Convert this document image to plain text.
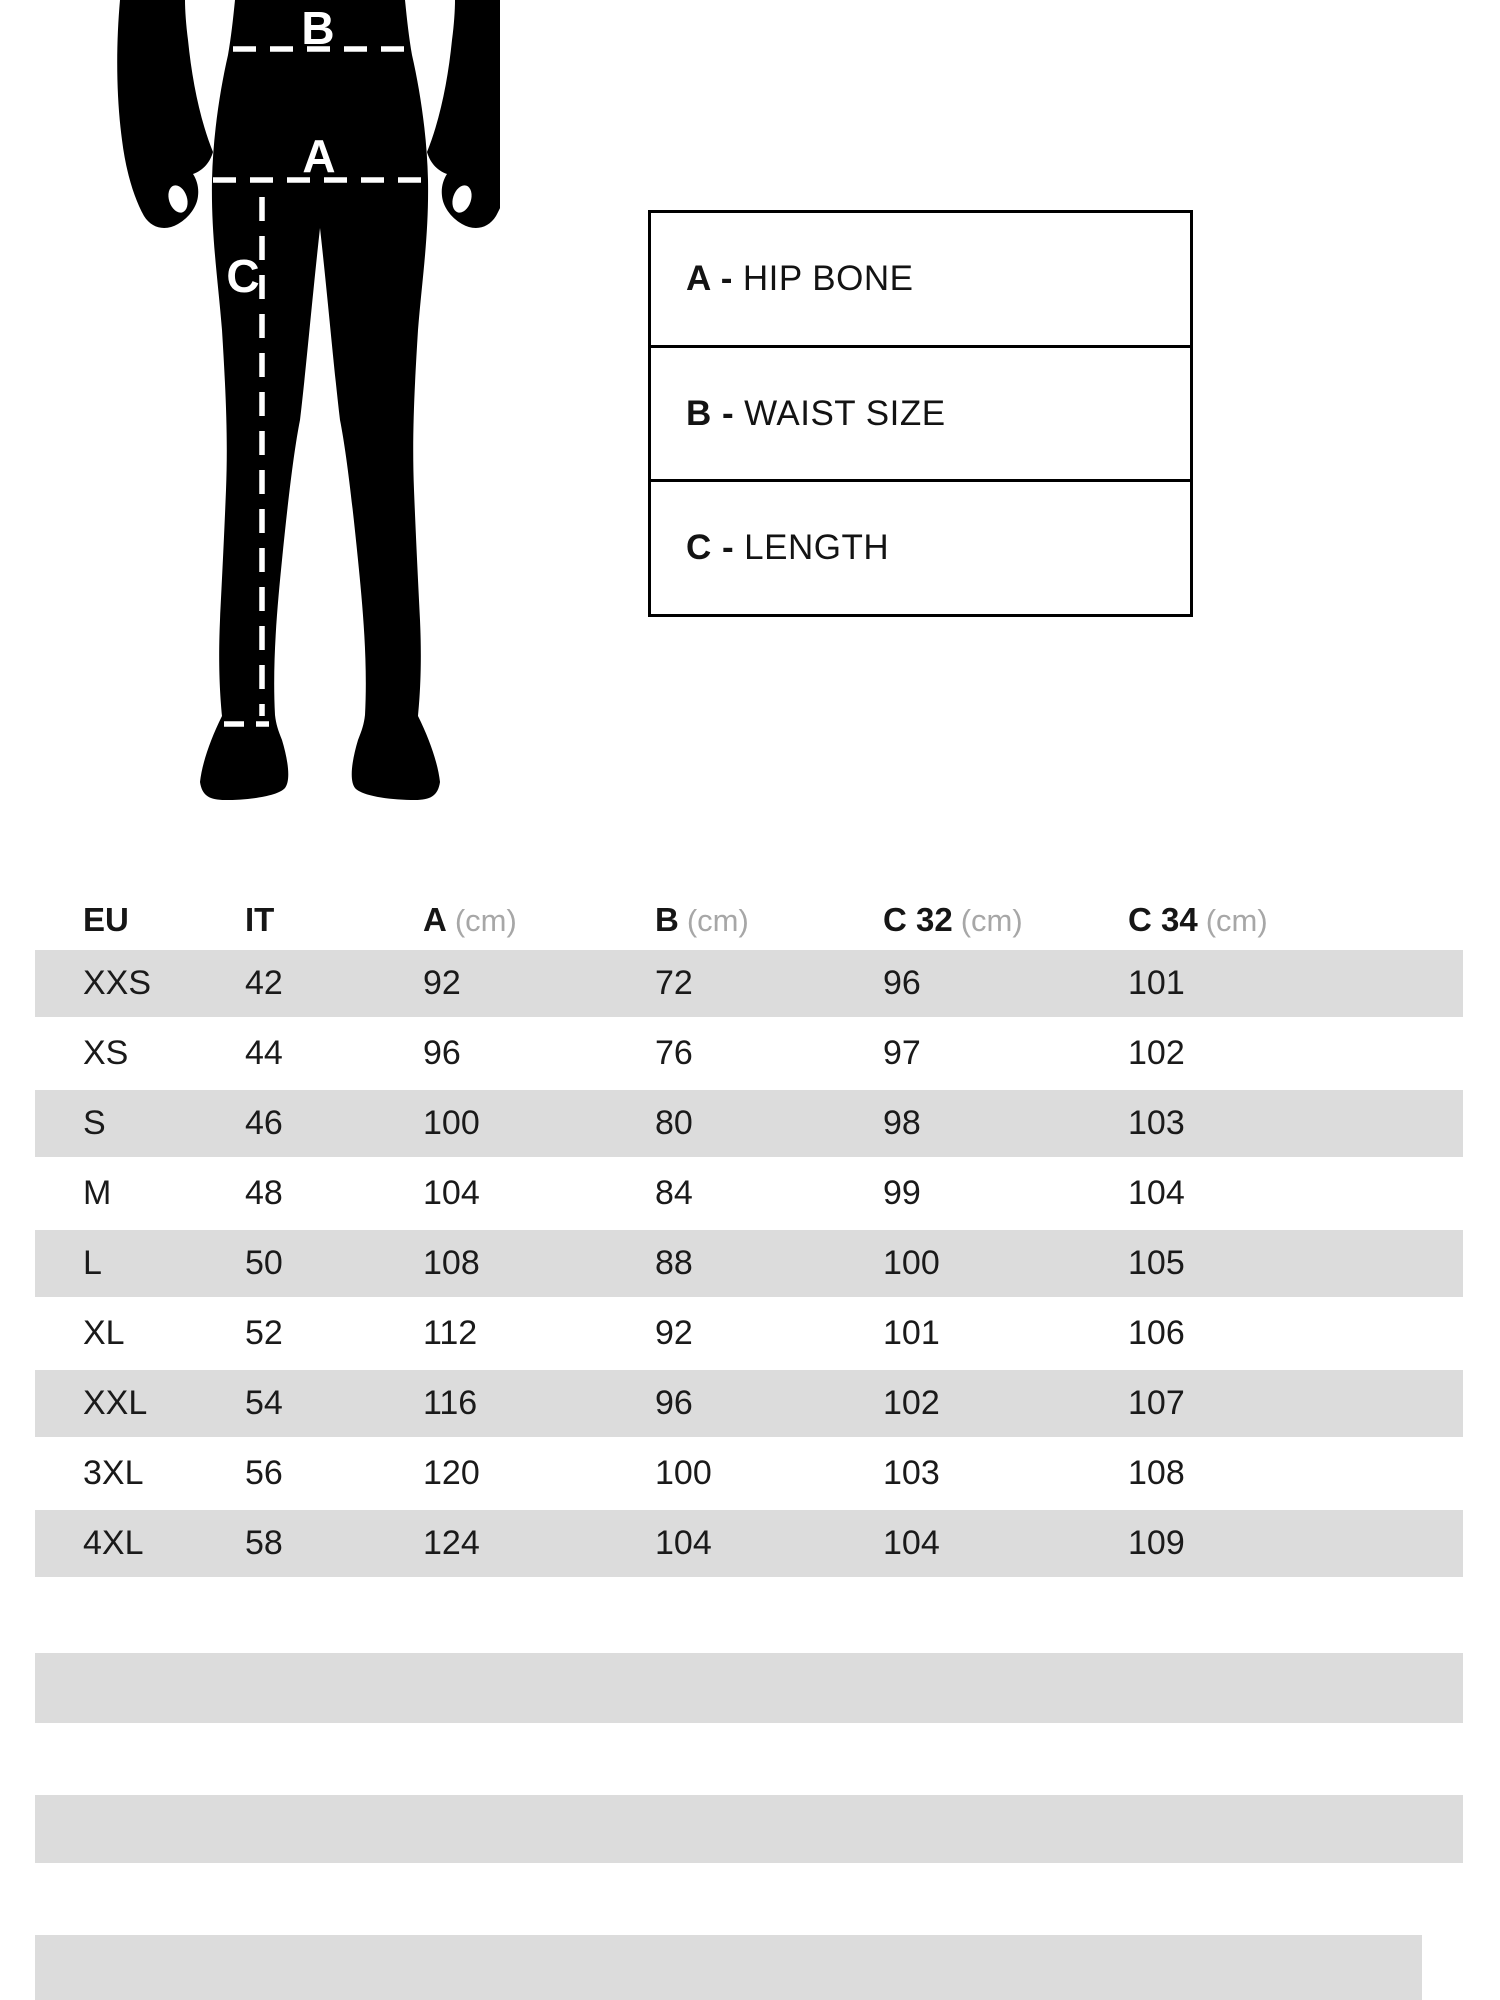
B
A
C	A - HIP BONE
B - WAIST SIZE
C - LENGTH
EU	IT	A (cm)	B (cm)	C 32 (cm)	C 34 (cm)
XXS	42	92	72	96	101
XS	44	96	76	97	102
S	46	100	80	98	103
M	48	104	84	99	104
L	50	108	88	100	105
XL	52	112	92	101	106
XXL	54	116	96	102	107
3XL	56	120	100	103	108
4XL	58	124	104	104	109
